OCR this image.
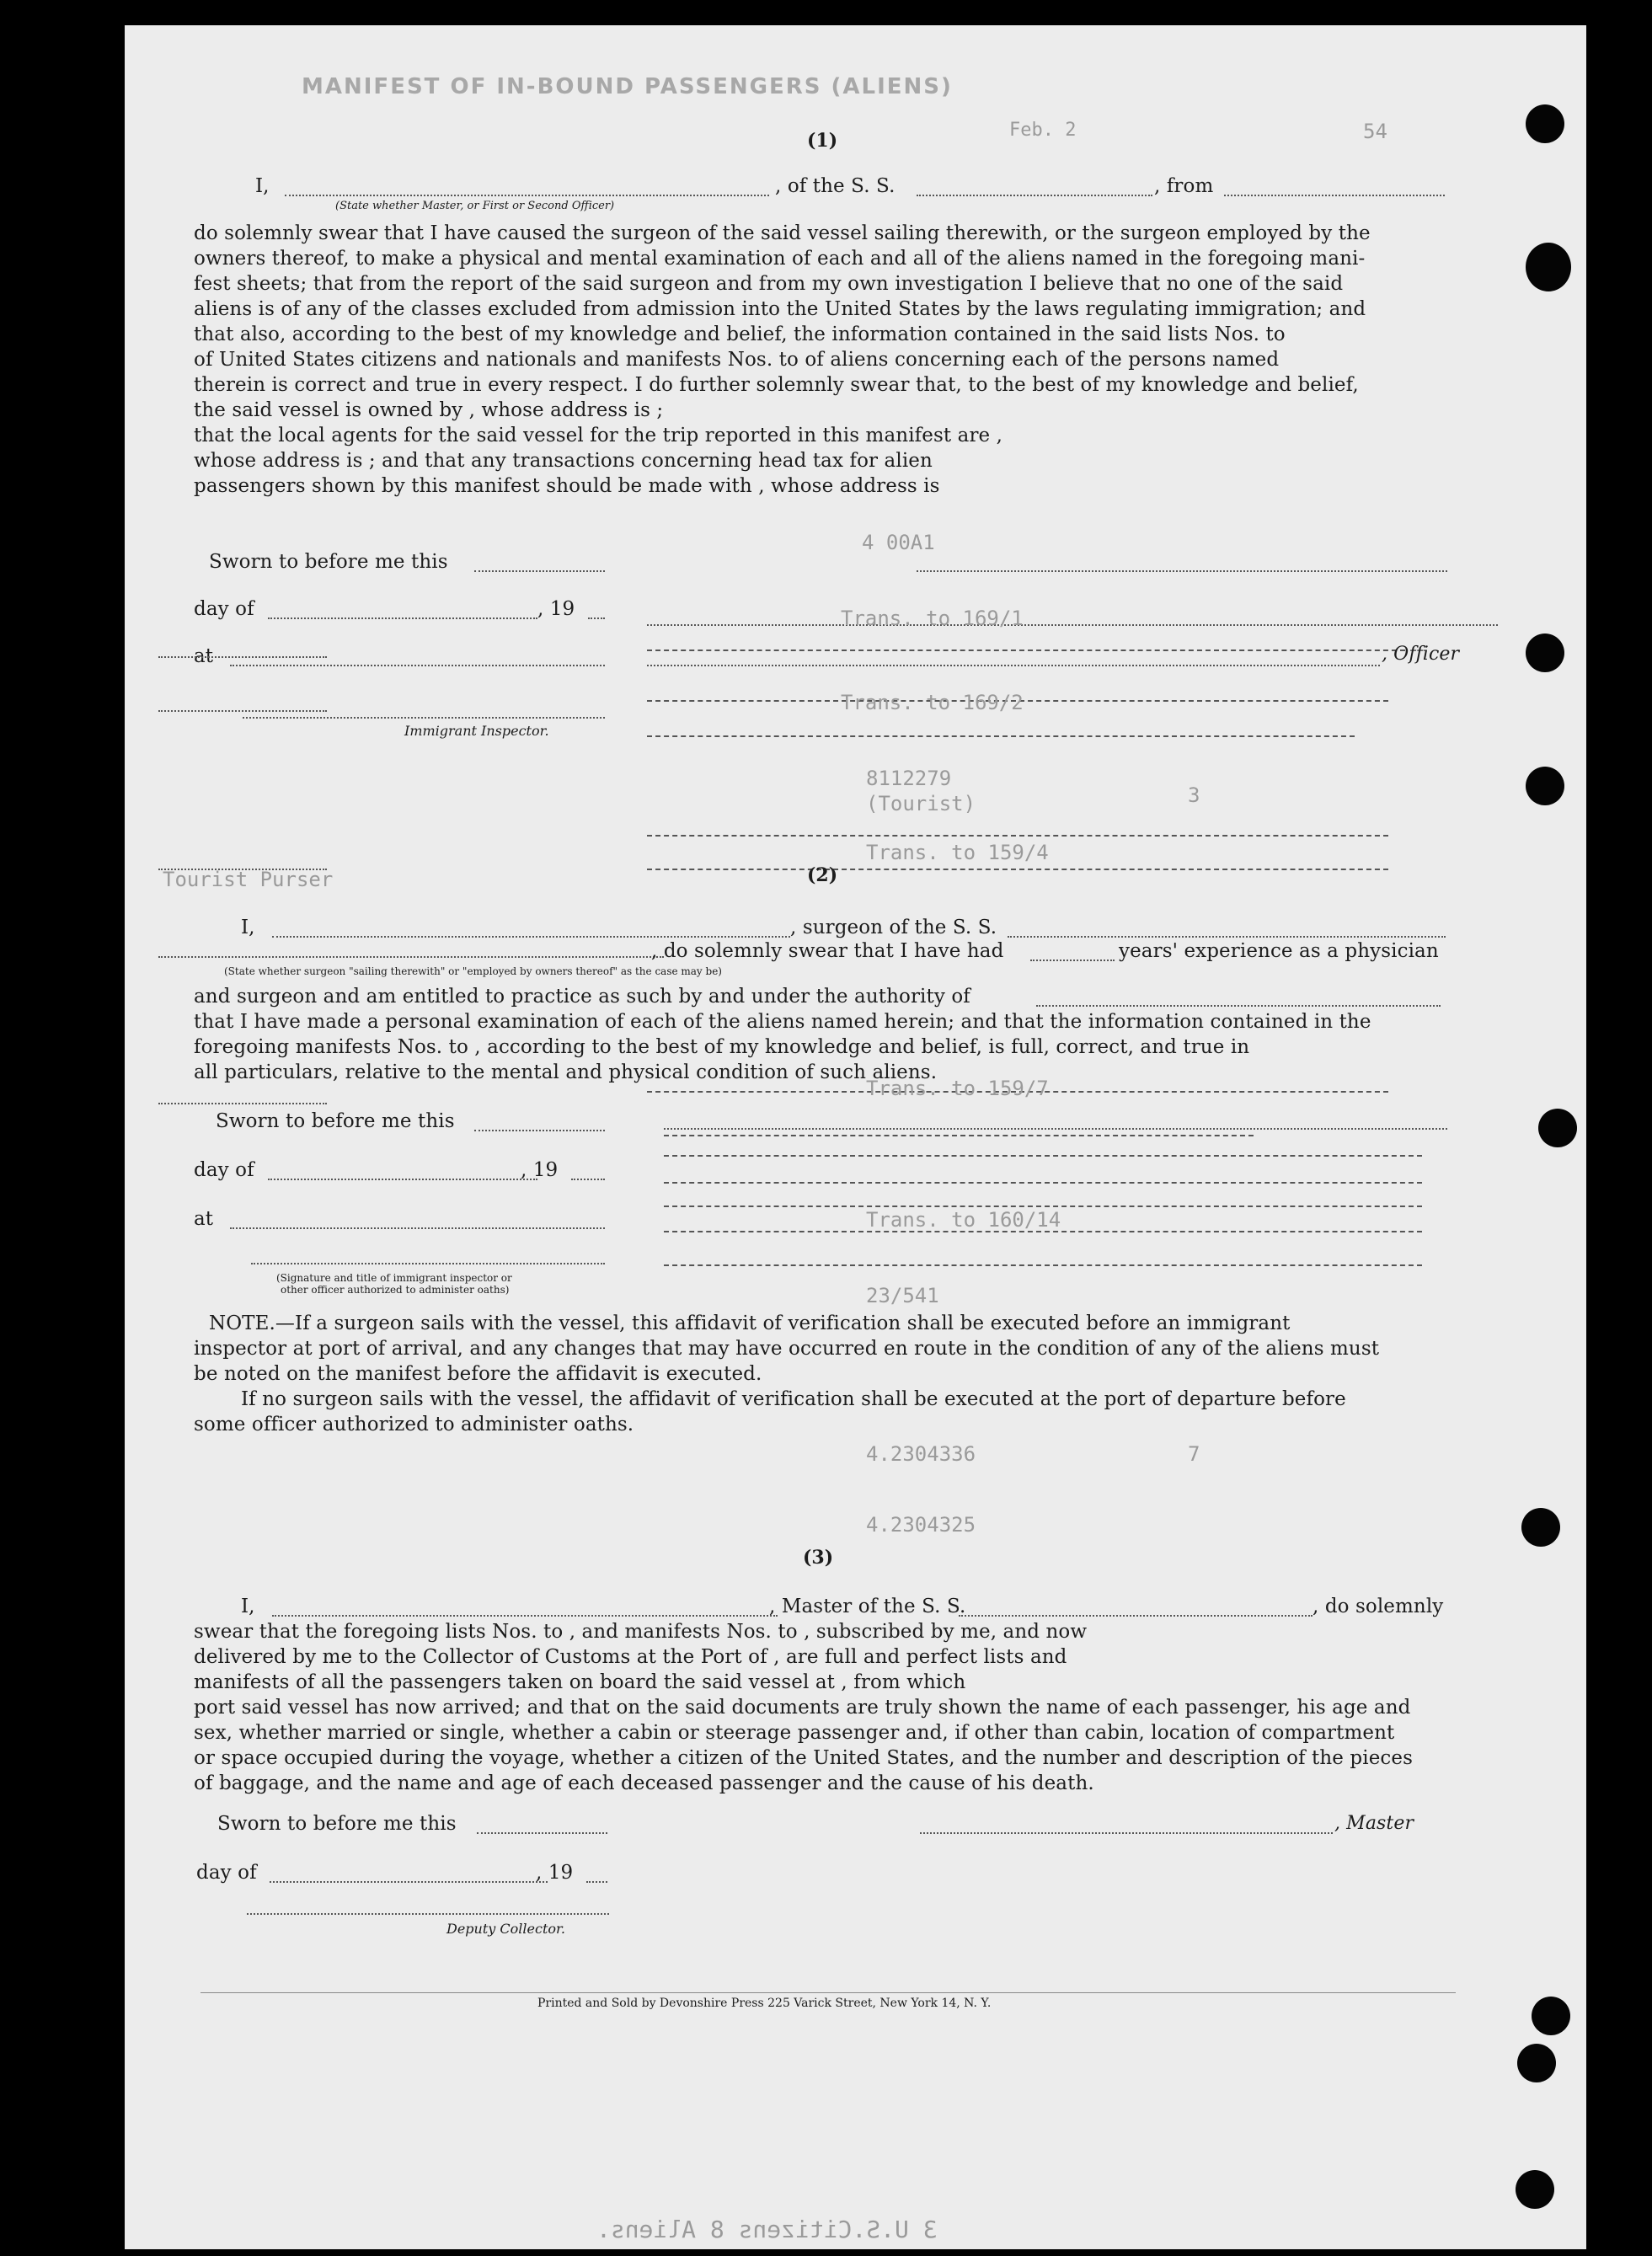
MANIFEST OF IN-BOUND PASSENGERS (ALIENS)
Feb. 2	54
(1)
I,	, of the S. S.	, from
(State whether Master, or First or Second Officer)
do solemnly swear that I have caused the surgeon of the said vessel sailing therewith, or the surgeon employed by the
owners thereof, to make a physical and mental examination of each and all of the aliens named in the foregoing mani-
fest sheets; that from the report of the said surgeon and from my own investigation I believe that no one of the said
aliens is of any of the classes excluded from admission into the United States by the laws regulating immigration; and
that also, according to the best of my knowledge and belief, the information contained in the said lists Nos. to
of United States citizens and nationals and manifests Nos. to of aliens concerning each of the persons named
therein is correct and true in every respect. I do further solemnly swear that, to the best of my knowledge and belief,
the said vessel is owned by , whose address is ;
that the local agents for the said vessel for the trip reported in this manifest are ,
whose address is ; and that any transactions concerning head tax for alien
passengers shown by this manifest should be made with , whose address is
Sworn to before me this
day of	, 19
at	, Officer
Immigrant Inspector.
(2)
I,	, surgeon of the S. S.
, do solemnly swear that I have had	years' experience as a physician
(State whether surgeon "sailing therewith" or "employed by owners thereof" as the case may be)
and surgeon and am entitled to practice as such by and under the authority of
that I have made a personal examination of each of the aliens named herein; and that the information contained in the
foregoing manifests Nos. to , according to the best of my knowledge and belief, is full, correct, and true in
all particulars, relative to the mental and physical condition of such aliens.
Sworn to before me this
day of	, 19
at
(Signature and title of immigrant inspector or
other officer authorized to administer oaths)
NOTE.—If a surgeon sails with the vessel, this affidavit of verification shall be executed before an immigrant
inspector at port of arrival, and any changes that may have occurred en route in the condition of any of the aliens must
be noted on the manifest before the affidavit is executed.
If no surgeon sails with the vessel, the affidavit of verification shall be executed at the port of departure before
some officer authorized to administer oaths.
(3)
I,	, Master of the S. S.	, do solemnly
swear that the foregoing lists Nos. to , and manifests Nos. to , subscribed by me, and now
delivered by me to the Collector of Customs at the Port of , are full and perfect lists and
manifests of all the passengers taken on board the said vessel at , from which
port said vessel has now arrived; and that on the said documents are truly shown the name of each passenger, his age and
sex, whether married or single, whether a cabin or steerage passenger and, if other than cabin, location of compartment
or space occupied during the voyage, whether a citizen of the United States, and the number and description of the pieces
of baggage, and the name and age of each deceased passenger and the cause of his death.
Sworn to before me this	, Master
day of	, 19
Deputy Collector.
Printed and Sold by Devonshire Press 225 Varick Street, New York 14, N. Y.
Trans. to 169/1
Trans. to 169/2
4 00A1
8112279
(Tourist)	3
Trans. to 159/4
Tourist Purser
Trans. to 159/7
Trans. to 160/14
23/541
4.2304336
4.2304325
7
3 U.S.Citizens 8 Aliens.
